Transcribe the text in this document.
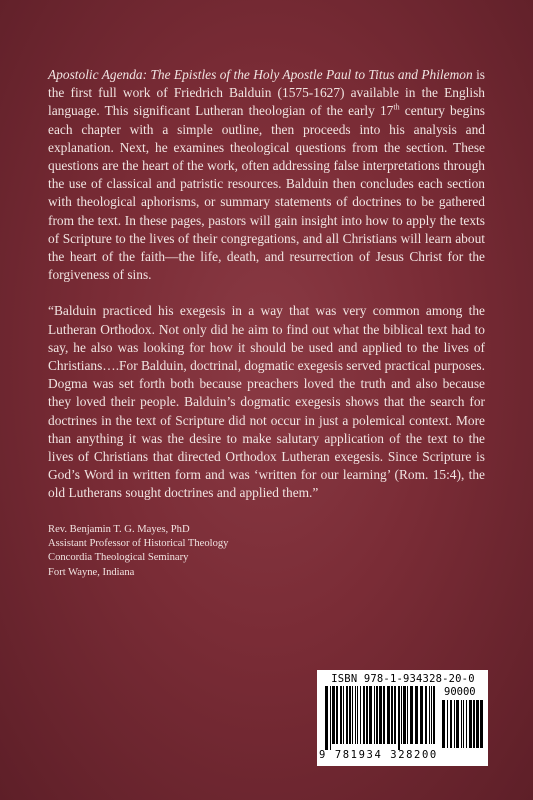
Apostolic Agenda: The Epistles of the Holy Apostle Paul to Titus and Philemon is the first full work of Friedrich Balduin (1575-1627) available in the English language. This significant Lutheran theologian of the early 17th century begins each chapter with a simple outline, then proceeds into his analysis and explanation. Next, he examines theological questions from the section. These questions are the heart of the work, often addressing false interpretations through the use of classical and patristic resources. Balduin then concludes each section with theological aphorisms, or summary statements of doctrines to be gathered from the text. In these pages, pastors will gain insight into how to apply the texts of Scripture to the lives of their congregations, and all Christians will learn about the heart of the faith—the life, death, and resurrection of Jesus Christ for the forgiveness of sins.

“Balduin practiced his exegesis in a way that was very common among the Lutheran Orthodox. Not only did he aim to find out what the biblical text had to say, he also was looking for how it should be used and applied to the lives of Christians….For Balduin, doctrinal, dogmatic exegesis served practical purposes. Dogma was set forth both because preachers loved the truth and also because they loved their people. Balduin’s dogmatic exegesis shows that the search for doctrines in the text of Scripture did not occur in just a polemical context. More than anything it was the desire to make salutary application of the text to the lives of Christians that directed Orthodox Lutheran exegesis. Since Scripture is God’s Word in written form and was ‘written for our learning’ (Rom. 15:4), the old Lutherans sought doctrines and applied them.”

Rev. Benjamin T. G. Mayes, PhD
Assistant Professor of Historical Theology
Concordia Theological Seminary
Fort Wayne, Indiana
ISBN 978-1-934328-20-0
90000
9 781934 328200
